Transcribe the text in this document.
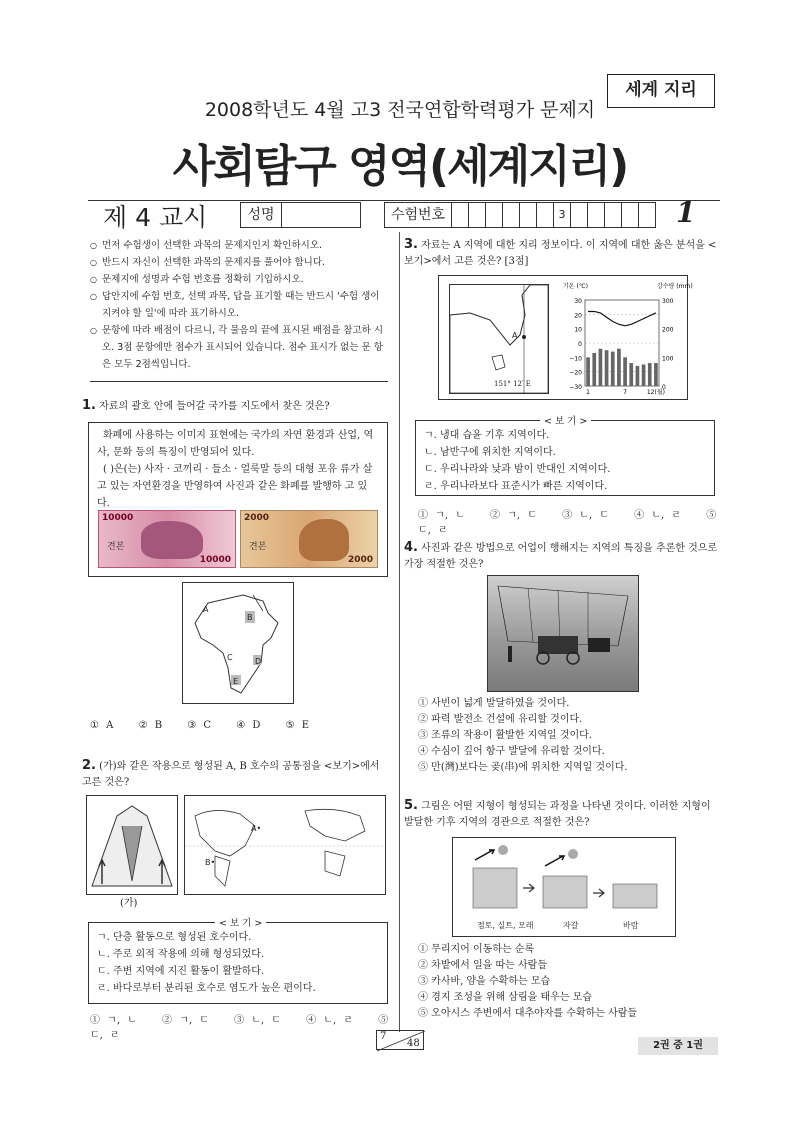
세계 지리
2008학년도 4월 고3 전국연합학력평가 문제지
사회탐구 영역(세계지리)
제 4 교시	성명	수험번호	3	1
○ 먼저 수험생이 선택한 과목의 문제지인지 확인하시오.
○ 반드시 자신이 선택한 과목의 문제지를 풀어야 합니다.
○ 문제지에 성명과 수험 번호를 정확히 기입하시오.
○ 답안지에 수험 번호, 선택 과목, 답을 표기할 때는 반드시 '수험 생이 지켜야 할 일'에 따라 표기하시오.
○ 문항에 따라 배점이 다르니, 각 물음의 끝에 표시된 배점을 참고하 시오. 3점 문항에만 점수가 표시되어 있습니다. 점수 표시가 없는 문 항은 모두 2점씩입니다.
1. 자료의 괄호 안에 들어갈 국가를 지도에서 찾은 것은?
화폐에 사용하는 이미지 표현에는 국가의 자연 환경과 산업, 역사, 문화 등의 특징이 반영되어 있다.
( )은(는) 사자 · 코끼리 · 들소 · 얼룩말 등의 대형 포유 류가 살고 있는 자연환경을 반영하여 사진과 같은 화폐를 발행하 고 있다.
10000
견본
10000
2000
견본
2000
A
B
C	D
E
① A	② B	③ C	④ D	⑤ E
2. (가)와 같은 작용으로 형성된 A, B 호수의 공통점을 <보기>에서 고른 것은?
(가)
A•
B•
ㄱ. 단층 활동으로 형성된 호수이다.
ㄴ. 주로 외적 작용에 의해 형성되었다.
ㄷ. 주변 지역에 지진 활동이 활발하다.
ㄹ. 바다로부터 분리된 호수로 염도가 높은 편이다.
< 보 기 >
① ㄱ, ㄴ	② ㄱ, ㄷ	③ ㄴ, ㄷ	④ ㄴ, ㄹ	⑤ ㄷ, ㄹ
3. 자료는 A 지역에 대한 지리 정보이다. 이 지역에 대한 옳은 분석을 <보기>에서 고른 것은? [3점]
A
151° 12′ E
30
20
10
0
−10
−20
−30
300
200
100
0
1	7	12(월)
기온 (℃)	강수량 (mm)
ㄱ. 냉대 습윤 기후 지역이다.
ㄴ. 남반구에 위치한 지역이다.
ㄷ. 우리나라와 낮과 밤이 반대인 지역이다.
ㄹ. 우리나라보다 표준시가 빠른 지역이다.
< 보 기 >
① ㄱ, ㄴ	② ㄱ, ㄷ	③ ㄴ, ㄷ	④ ㄴ, ㄹ	⑤ ㄷ, ㄹ
4. 사진과 같은 방법으로 어업이 행해지는 지역의 특징을 추론한 것으로 가장 적절한 것은?
① 사빈이 넓게 발달하였을 것이다.
② 파력 발전소 건설에 유리할 것이다.
③ 조류의 작용이 활발한 지역일 것이다.
④ 수심이 깊어 항구 발달에 유리할 것이다.
⑤ 만(灣)보다는 곶(串)에 위치한 지역일 것이다.
5. 그림은 어떤 지형이 형성되는 과정을 나타낸 것이다. 이러한 지형이 발달한 기후 지역의 경관으로 적절한 것은?
점토, 실트, 모래	자갈	바람
① 무리지어 이동하는 순록
② 차밭에서 일을 따는 사람들
③ 카사바, 얌을 수확하는 모습
④ 경지 조성을 위해 삼림을 태우는 모습
⑤ 오아시스 주변에서 대추야자를 수확하는 사람들
7
48	2권 중 1권
